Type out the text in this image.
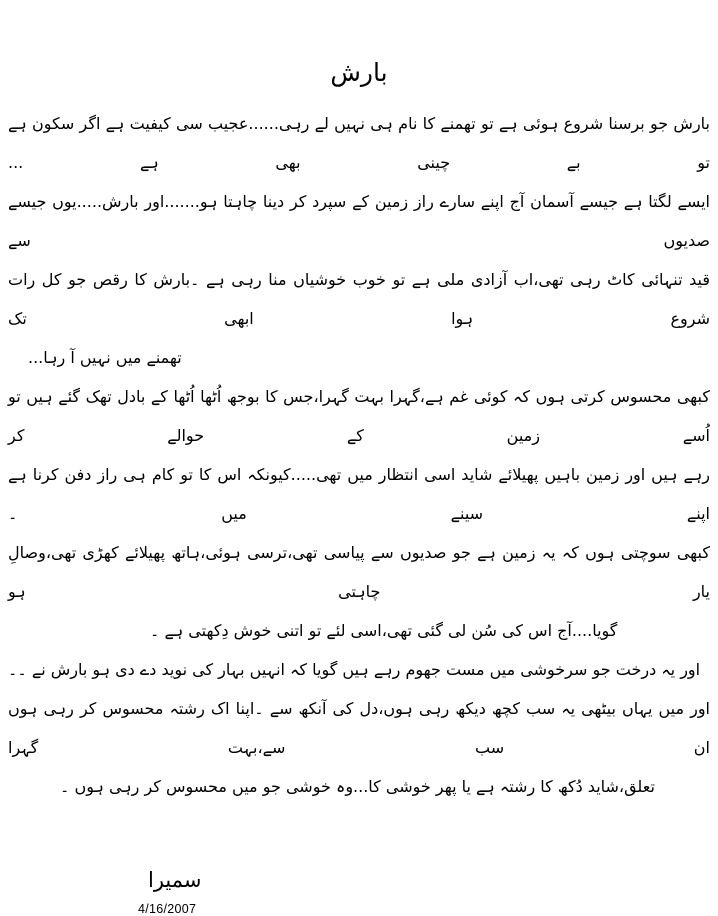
بارش
بارش جو برسنا شروع ہوئی ہے تو تھمنے کا نام ہی نہیں لے رہی......عجیب سی کیفیت ہے اگر سکون ہے تو بے چینی بھی ہے ...
ایسے لگتا ہے جیسے آسمان آج اپنے سارے راز زمین کے سپرد کر دینا چاہتا ہو.......اور بارش.....یوں جیسے صدیوں سے
قید تنہائی کاٹ رہی تھی،اب آزادی ملی ہے تو خوب خوشیاں منا رہی ہے ۔بارش کا رقص جو کل رات شروع ہوا ابھی تک
تھمنے میں نہیں آ رہا...
کبھی محسوس کرتی ہوں کہ کوئی غم ہے،گہرا بہت گہرا،جس کا بوجھ اُٹھا اُٹھا کے بادل تھک گئے ہیں تو اُسے زمین کے حوالے کر
رہے ہیں اور زمین باہیں پھیلائے شاید اسی انتظار میں تھی.....کیونکہ اس کا تو کام ہی راز دفن کرنا ہے اپنے سینے میں ۔
کبھی سوچتی ہوں کہ یہ زمین ہے جو صدیوں سے پیاسی تھی،ترسی ہوئی،ہاتھ پھیلائے کھڑی تھی،وصالِ یار چاہتی ہو
گویا....آج اس کی سُن لی گئی تھی،اسی لئے تو اتنی خوش دِکھتی ہے ۔
اور یہ درخت جو سرخوشی میں مست جھوم رہے ہیں گویا کہ انہیں بہار کی نوید دے دی ہو بارش نے ۔۔
اور میں یہاں بیٹھی یہ سب کچھ دیکھ رہی ہوں،دل کی آنکھ سے ۔اپنا اک رشتہ محسوس کر رہی ہوں ان سب سے،بہت گہرا
تعلق،شاید دُکھ کا رشتہ ہے یا پھر خوشی کا...وہ خوشی جو میں محسوس کر رہی ہوں ۔
سمیرا
4/16/2007
